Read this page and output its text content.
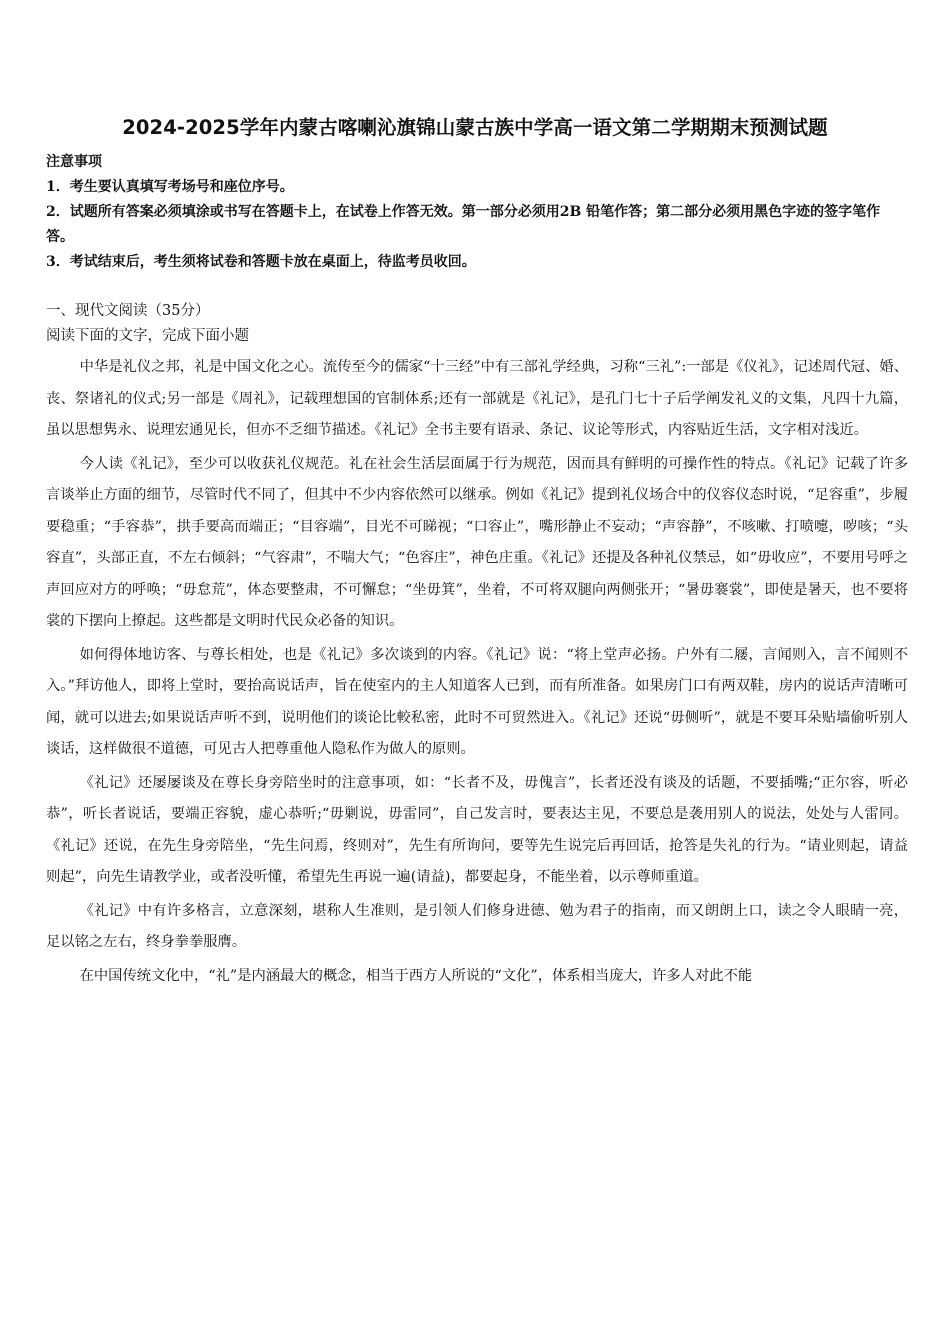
2024-2025学年内蒙古喀喇沁旗锦山蒙古族中学高一语文第二学期期末预测试题

注意事项

1．考生要认真填写考场号和座位序号。

2．试题所有答案必须填涂或书写在答题卡上，在试卷上作答无效。第一部分必须用2B 铅笔作答；第二部分必须用黑色字迹的签字笔作答。

3．考试结束后，考生须将试卷和答题卡放在桌面上，待监考员收回。

一、现代文阅读（35分）
阅读下面的文字，完成下面小题

中华是礼仪之邦，礼是中国文化之心。流传至今的儒家“十三经”中有三部礼学经典，习称“三礼”:一部是《仪礼》，记述周代冠、婚、丧、祭诸礼的仪式;另一部是《周礼》，记载理想国的官制体系;还有一部就是《礼记》，是孔门七十子后学阐发礼义的文集，凡四十九篇，虽以思想隽永、说理宏通见长，但亦不乏细节描述。《礼记》全书主要有语录、条记、议论等形式，内容贴近生活，文字相对浅近。

今人读《礼记》，至少可以收获礼仪规范。礼在社会生活层面属于行为规范，因而具有鲜明的可操作性的特点。《礼记》记载了许多言谈举止方面的细节，尽管时代不同了，但其中不少内容依然可以继承。例如《礼记》提到礼仪场合中的仪容仪态时说，“足容重”，步履要稳重；“手容恭”，拱手要高而端正；“目容端”，目光不可睇视；“口容止”，嘴形静止不妄动；“声容静”，不咳嗽、打喷嚏，哕咳；“头容直”，头部正直，不左右倾斜；“气容肃”，不喘大气；“色容庄”，神色庄重。《礼记》还提及各种礼仪禁忌，如“毋收应”，不要用号呼之声回应对方的呼唤；“毋怠荒”，体态要整肃，不可懈怠；“坐毋箕”，坐着，不可将双腿向两侧张开；“暑毋褰裳”，即使是暑天，也不要将裳的下摆向上撩起。这些都是文明时代民众必备的知识。

如何得体地访客、与尊长相处，也是《礼记》多次谈到的内容。《礼记》说：“将上堂声必扬。户外有二屦，言闻则入，言不闻则不入。”拜访他人，即将上堂时，要抬高说话声，旨在使室内的主人知道客人已到，而有所准备。如果房门口有两双鞋，房内的说话声清晰可闻，就可以进去;如果说话声听不到，说明他们的谈论比較私密，此时不可贸然进入。《礼记》还说“毋侧听”，就是不要耳朵贴墙偷听别人谈话，这样做很不道德，可见古人把尊重他人隐私作为做人的原则。

《礼记》还屡屡谈及在尊长身旁陪坐时的注意事项，如：“长者不及，毋傀言”，长者还没有谈及的话题，不要插嘴;“正尔容，听必恭”，听长者说话，要端正容貌，虚心恭听;“毋剿说，毋雷同”，自己发言时，要表达主见，不要总是袭用别人的说法，处处与人雷同。《礼记》还说，在先生身旁陪坐，“先生问焉，终则对”，先生有所询问，要等先生说完后再回话，抢答是失礼的行为。“请业则起，请益则起”，向先生请教学业，或者没听懂，希望先生再说一遍(请益)，都要起身，不能坐着，以示尊师重道。

《礼记》中有许多格言，立意深刻，堪称人生准则，是引领人们修身进德、勉为君子的指南，而又朗朗上口，读之令人眼睛一亮，足以铭之左右，终身拳拳服膺。

在中国传统文化中，“礼”是内涵最大的概念，相当于西方人所说的“文化”，体系相当庞大，许多人对此不能
